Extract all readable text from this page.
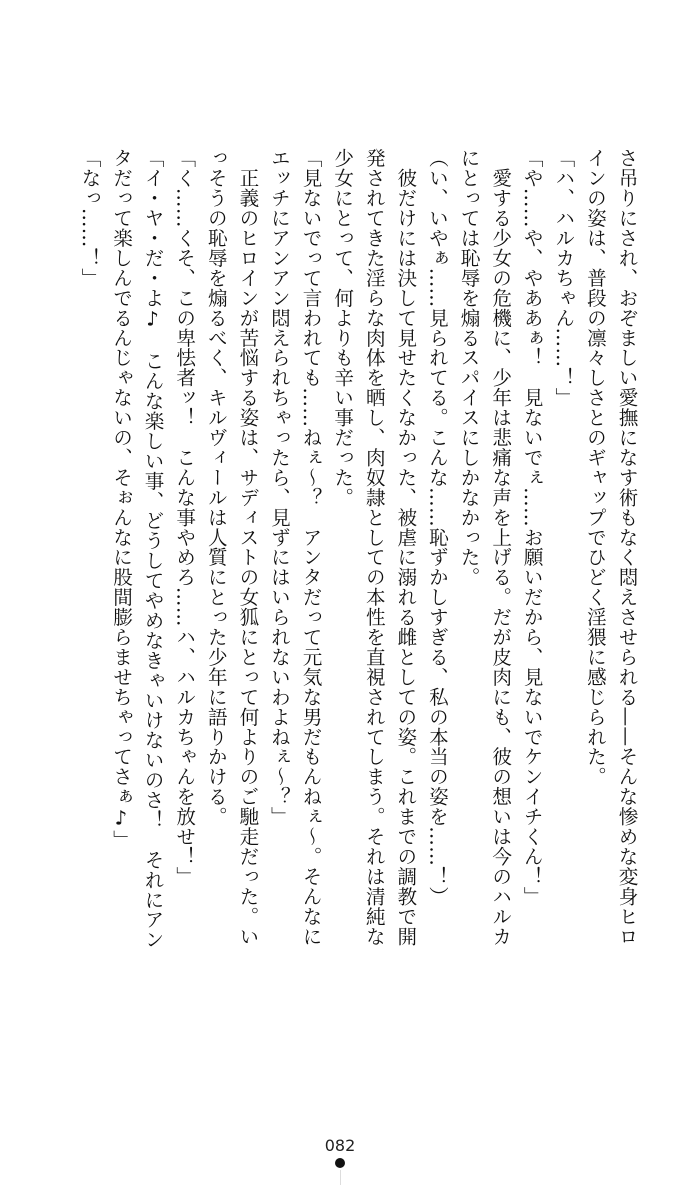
さ吊りにされ、おぞましい愛撫になす術もなく悶えさせられる——そんな惨めな変身ヒロ

インの姿は、普段の凛々しさとのギャップでひどく淫猥に感じられた。

「ハ、ハルカちゃん……！」

「や……や、やああぁ！　見ないでぇ……お願いだから、見ないでケンイチくん！」

　愛する少女の危機に、少年は悲痛な声を上げる。だが皮肉にも、彼の想いは今のハルカ

にとっては恥辱を煽るスパイスにしかなかった。

（い、いやぁ……見られてる。こんな……恥ずかしすぎる、私の本当の姿を……！）

　彼だけには決して見せたくなかった、被虐に溺れる雌としての姿。これまでの調教で開

発されてきた淫らな肉体を晒し、肉奴隷としての本性を直視されてしまう。それは清純な

少女にとって、何よりも辛い事だった。

「見ないでって言われても……ねぇ～？　アンタだって元気な男だもんねぇ～。そんなに

エッチにアンアン悶えられちゃったら、見ずにはいられないわよねぇ～？」

　正義のヒロインが苦悩する姿は、サディストの女狐にとって何よりのご馳走だった。い

っそうの恥辱を煽るべく、キルヴィールは人質にとった少年に語りかける。

「く……くそ、この卑怯者ッ！　こんな事やめろ……ハ、ハルカちゃんを放せ！」

「イ・ヤ・だ・よ♪　こんな楽しい事、どうしてやめなきゃいけないのさ！　それにアン

タだって楽しんでるんじゃないの、そぉんなに股間膨らませちゃってさぁ♪」

「なっ……！」

082
